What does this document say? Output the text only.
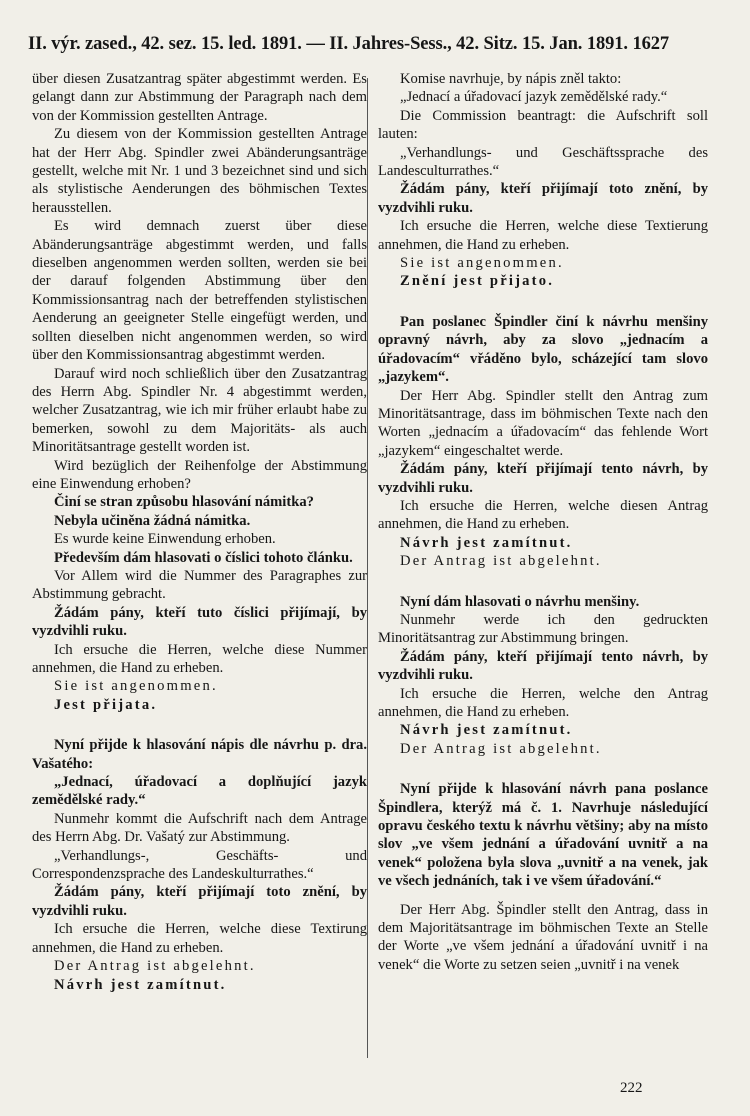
II. výr. zased., 42. sez. 15. led. 1891. — II. Jahres-Sess., 42. Sitz. 15. Jan. 1891. 1627

über diesen Zusatzantrag später abgestimmt werden. Es gelangt dann zur Abstimmung der Paragraph nach dem von der Kommission gestellten Antrage.

Zu diesem von der Kommission gestellten Antrage hat der Herr Abg. Spindler zwei Abänderungsanträge gestellt, welche mit Nr. 1 und 3 bezeichnet sind und sich als stylistische Aenderungen des böhmischen Textes herausstellen.

Es wird demnach zuerst über diese Abänderungsanträge abgestimmt werden, und falls dieselben angenommen werden sollten, werden sie bei der darauf folgenden Abstimmung über den Kommissionsantrag nach der betreffenden stylistischen Aenderung an geeigneter Stelle eingefügt werden, und sollten dieselben nicht angenommen werden, so wird über den Kommissionsantrag abgestimmt werden.

Darauf wird noch schließlich über den Zusatzantrag des Herrn Abg. Spindler Nr. 4 abgestimmt werden, welcher Zusatzantrag, wie ich mir früher erlaubt habe zu bemerken, sowohl zu dem Majoritäts- als auch Minoritätsantrage gestellt worden ist.

Wird bezüglich der Reihenfolge der Abstimmung eine Einwendung erhoben?

Činí se stran způsobu hlasování námitka?

Nebyla učiněna žádná námitka.

Es wurde keine Einwendung erhoben.

Především dám hlasovati o číslici tohoto článku.

Vor Allem wird die Nummer des Paragraphes zur Abstimmung gebracht.

Žádám pány, kteří tuto číslici přijímají, by vyzdvihli ruku.

Ich ersuche die Herren, welche diese Nummer annehmen, die Hand zu erheben.

Sie ist angenommen.

Jest přijata.

Nyní přijde k hlasování nápis dle návrhu p. dra. Vašatého:

„Jednací, úřadovací a doplňující jazyk zemědělské rady.“

Nunmehr kommt die Aufschrift nach dem Antrage des Herrn Abg. Dr. Vašatý zur Abstimmung.

„Verhandlungs-, Geschäfts- und Correspondenzsprache des Landeskulturrathes.“

Žádám pány, kteří přijímají toto znění, by vyzdvihli ruku.

Ich ersuche die Herren, welche diese Textirung annehmen, die Hand zu erheben.

Der Antrag ist abgelehnt.

Návrh jest zamítnut.

Komise navrhuje, by nápis zněl takto:

„Jednací a úřadovací jazyk zemědělské rady.“

Die Commission beantragt: die Aufschrift soll lauten:

„Verhandlungs- und Geschäftssprache des Landesculturrathes.“

Žádám pány, kteří přijímají toto znění, by vyzdvihli ruku.

Ich ersuche die Herren, welche diese Textierung annehmen, die Hand zu erheben.

Sie ist angenommen.

Znění jest přijato.

Pan poslanec Špindler činí k návrhu menšiny opravný návrh, aby za slovo „jednacím a úřadovacím“ vřáděno bylo, scházející tam slovo „jazykem“.

Der Herr Abg. Spindler stellt den Antrag zum Minoritätsantrage, dass im böhmischen Texte nach den Worten „jednacím a úřadovacím“ das fehlende Wort „jazykem“ eingeschaltet werde.

Žádám pány, kteří přijímají tento návrh, by vyzdvihli ruku.

Ich ersuche die Herren, welche diesen Antrag annehmen, die Hand zu erheben.

Návrh jest zamítnut.

Der Antrag ist abgelehnt.

Nyní dám hlasovati o návrhu menšiny.

Nunmehr werde ich den gedruckten Minoritätsantrag zur Abstimmung bringen.

Žádám pány, kteří přijímají tento návrh, by vyzdvihli ruku.

Ich ersuche die Herren, welche den Antrag annehmen, die Hand zu erheben.

Návrh jest zamítnut.

Der Antrag ist abgelehnt.

Nyní přijde k hlasování návrh pana poslance Špindlera, kterýž má č. 1. Navrhuje následující opravu českého textu k návrhu většiny; aby na místo slov „ve všem jednání a úřadování uvnitř a na venek“ položena byla slova „uvnitř a na venek, jak ve všech jednáních, tak i ve všem úřadování.“

Der Herr Abg. Špindler stellt den Antrag, dass in dem Majoritätsantrage im böhmischen Texte an Stelle der Worte „ve všem jednání a úřadování uvnitř i na venek“ die Worte zu setzen seien „uvnitř i na venek

222
